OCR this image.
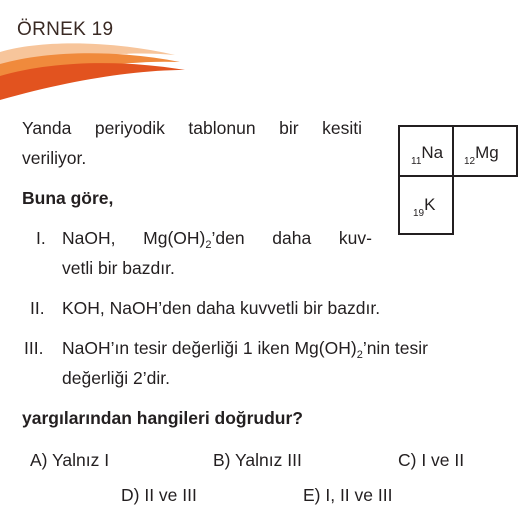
ÖRNEK 19
Yanda periyodik tablonun bir kesiti
veriliyor.
Buna göre,
I. NaOH, $Mg(OH)_2’den$ daha kuv-
vetli bir bazdır.
II. KOH, NaOH’den daha kuvvetli bir bazdır.
III. NaOH’ın tesir değerliği 1 iken $Mg(OH)_2’nin$ tesir
değerliği 2’dir.
yargılarından hangileri doğrudur?
$_{11}$Na $_{12}$Mg
$_{19}$K
A) Yalnız I	B) Yalnız III	C) I ve II
D) II ve III	E) I, II ve III
